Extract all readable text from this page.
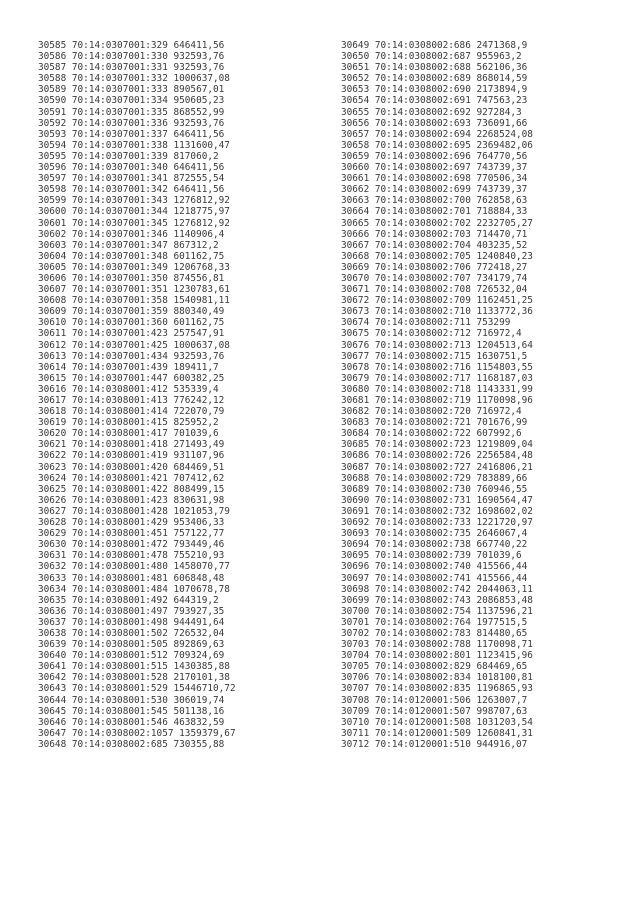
30585 70:14:0307001:329 646411,56
30586 70:14:0307001:330 932593,76
30587 70:14:0307001:331 932593,76
30588 70:14:0307001:332 1000637,08
30589 70:14:0307001:333 890567,01
30590 70:14:0307001:334 950605,23
30591 70:14:0307001:335 868552,99
30592 70:14:0307001:336 932593,76
30593 70:14:0307001:337 646411,56
30594 70:14:0307001:338 1131600,47
30595 70:14:0307001:339 817060,2
30596 70:14:0307001:340 646411,56
30597 70:14:0307001:341 872555,54
30598 70:14:0307001:342 646411,56
30599 70:14:0307001:343 1276812,92
30600 70:14:0307001:344 1218775,97
30601 70:14:0307001:345 1276812,92
30602 70:14:0307001:346 1140906,4
30603 70:14:0307001:347 867312,2
30604 70:14:0307001:348 601162,75
30605 70:14:0307001:349 1206768,33
30606 70:14:0307001:350 874556,81
30607 70:14:0307001:351 1230783,61
30608 70:14:0307001:358 1540981,11
30609 70:14:0307001:359 880340,49
30610 70:14:0307001:360 601162,75
30611 70:14:0307001:423 257547,91
30612 70:14:0307001:425 1000637,08
30613 70:14:0307001:434 932593,76
30614 70:14:0307001:439 189411,7
30615 70:14:0307001:447 600382,25
30616 70:14:0308001:412 535339,4
30617 70:14:0308001:413 776242,12
30618 70:14:0308001:414 722070,79
30619 70:14:0308001:415 825952,2
30620 70:14:0308001:417 701039,6
30621 70:14:0308001:418 271493,49
30622 70:14:0308001:419 931107,96
30623 70:14:0308001:420 684469,51
30624 70:14:0308001:421 707412,62
30625 70:14:0308001:422 808499,15
30626 70:14:0308001:423 830631,98
30627 70:14:0308001:428 1021053,79
30628 70:14:0308001:429 953406,33
30629 70:14:0308001:451 757122,77
30630 70:14:0308001:472 793449,46
30631 70:14:0308001:478 755210,93
30632 70:14:0308001:480 1458070,77
30633 70:14:0308001:481 606848,48
30634 70:14:0308001:484 1070678,78
30635 70:14:0308001:492 644319,2
30636 70:14:0308001:497 793927,35
30637 70:14:0308001:498 944491,64
30638 70:14:0308001:502 726532,04
30639 70:14:0308001:505 892869,63
30640 70:14:0308001:512 709324,69
30641 70:14:0308001:515 1430385,88
30642 70:14:0308001:528 2170101,38
30643 70:14:0308001:529 15446710,72
30644 70:14:0308001:530 306019,74
30645 70:14:0308001:545 501138,16
30646 70:14:0308001:546 463832,59
30647 70:14:0308002:1057 1359379,67
30648 70:14:0308002:685 730355,88
30649 70:14:0308002:686 2471368,9
30650 70:14:0308002:687 955963,2
30651 70:14:0308002:688 562106,36
30652 70:14:0308002:689 868014,59
30653 70:14:0308002:690 2173894,9
30654 70:14:0308002:691 747563,23
30655 70:14:0308002:692 927284,3
30656 70:14:0308002:693 736091,66
30657 70:14:0308002:694 2268524,08
30658 70:14:0308002:695 2369482,06
30659 70:14:0308002:696 764770,56
30660 70:14:0308002:697 743739,37
30661 70:14:0308002:698 770506,34
30662 70:14:0308002:699 743739,37
30663 70:14:0308002:700 762858,63
30664 70:14:0308002:701 718884,33
30665 70:14:0308002:702 2232705,27
30666 70:14:0308002:703 714470,71
30667 70:14:0308002:704 403235,52
30668 70:14:0308002:705 1240840,23
30669 70:14:0308002:706 772418,27
30670 70:14:0308002:707 734179,74
30671 70:14:0308002:708 726532,04
30672 70:14:0308002:709 1162451,25
30673 70:14:0308002:710 1133772,36
30674 70:14:0308002:711 753299
30675 70:14:0308002:712 716972,4
30676 70:14:0308002:713 1204513,64
30677 70:14:0308002:715 1630751,5
30678 70:14:0308002:716 1154803,55
30679 70:14:0308002:717 1168187,03
30680 70:14:0308002:718 1143331,99
30681 70:14:0308002:719 1170098,96
30682 70:14:0308002:720 716972,4
30683 70:14:0308002:721 701676,99
30684 70:14:0308002:722 607992,6
30685 70:14:0308002:723 1219809,04
30686 70:14:0308002:726 2256584,48
30687 70:14:0308002:727 2416806,21
30688 70:14:0308002:729 783889,66
30689 70:14:0308002:730 760946,55
30690 70:14:0308002:731 1690564,47
30691 70:14:0308002:732 1698602,02
30692 70:14:0308002:733 1221720,97
30693 70:14:0308002:735 2646067,4
30694 70:14:0308002:738 667740,22
30695 70:14:0308002:739 701039,6
30696 70:14:0308002:740 415566,44
30697 70:14:0308002:741 415566,44
30698 70:14:0308002:742 2044063,11
30699 70:14:0308002:743 2086853,48
30700 70:14:0308002:754 1137596,21
30701 70:14:0308002:764 1977515,5
30702 70:14:0308002:783 814480,65
30703 70:14:0308002:788 1170098,71
30704 70:14:0308002:801 1123415,96
30705 70:14:0308002:829 684469,65
30706 70:14:0308002:834 1018100,81
30707 70:14:0308002:835 1196865,93
30708 70:14:0120001:506 1263007,7
30709 70:14:0120001:507 998707,63
30710 70:14:0120001:508 1031203,54
30711 70:14:0120001:509 1260841,31
30712 70:14:0120001:510 944916,07
